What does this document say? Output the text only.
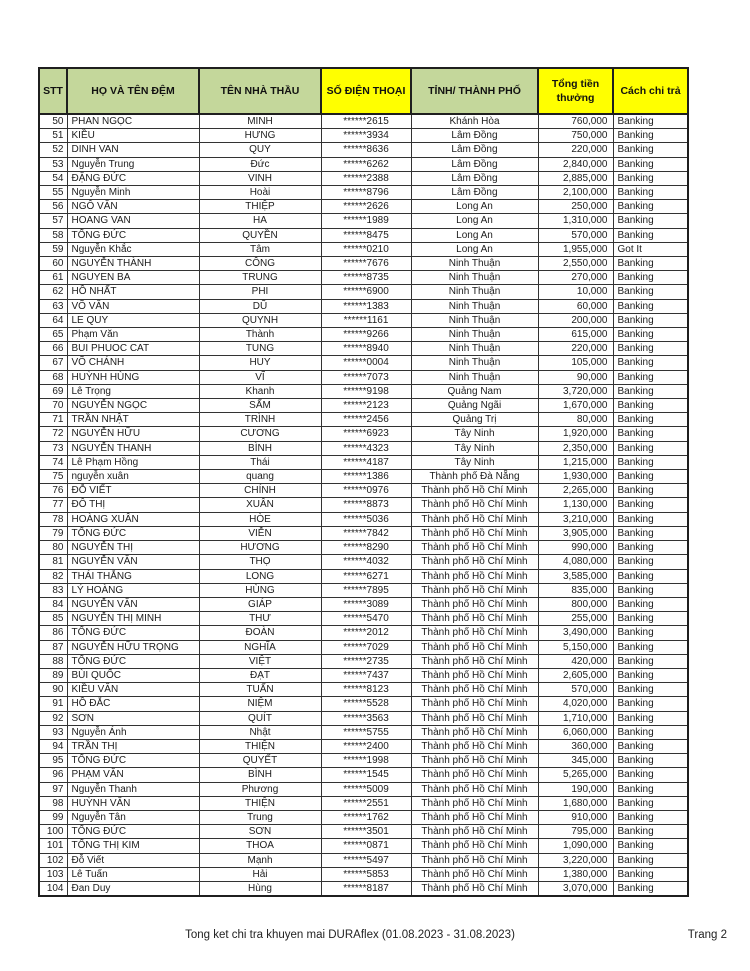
STT	HỌ VÀ TÊN ĐỆM	TÊN NHÀ THẦU	SỐ ĐIỆN THOẠI	TỈNH/ THÀNH PHỐ	Tổng tiền thưởng	Cách chi trả
50	PHAN NGỌC	MINH	******2615	Khánh Hòa	760,000	Banking
51	KIỀU	HƯNG	******3934	Lâm Đồng	750,000	Banking
52	DINH VAN	QUY	******8636	Lâm Đồng	220,000	Banking
53	Nguyễn Trung	Đức	******6262	Lâm Đồng	2,840,000	Banking
54	ĐẶNG ĐỨC	VINH	******2388	Lâm Đồng	2,885,000	Banking
55	Nguyễn Minh	Hoài	******8796	Lâm Đồng	2,100,000	Banking
56	NGÔ VĂN	THIỆP	******2626	Long An	250,000	Banking
57	HOANG VAN	HA	******1989	Long An	1,310,000	Banking
58	TỐNG ĐỨC	QUYỀN	******8475	Long An	570,000	Banking
59	Nguyễn Khắc	Tâm	******0210	Long An	1,955,000	Got It
60	NGUYỄN THÀNH	CÔNG	******7676	Ninh Thuận	2,550,000	Banking
61	NGUYEN BA	TRUNG	******8735	Ninh Thuận	270,000	Banking
62	HỒ NHẤT	PHI	******6900	Ninh Thuận	10,000	Banking
63	VÕ VĂN	DŨ	******1383	Ninh Thuận	60,000	Banking
64	LE QUY	QUYNH	******1161	Ninh Thuận	200,000	Banking
65	Phạm Văn	Thành	******9266	Ninh Thuận	615,000	Banking
66	BUI PHUOC CAT	TUNG	******8940	Ninh Thuận	220,000	Banking
67	VÕ CHÁNH	HUY	******0004	Ninh Thuận	105,000	Banking
68	HUỲNH HÙNG	VĨ	******7073	Ninh Thuận	90,000	Banking
69	Lê Trọng	Khanh	******9198	Quảng Nam	3,720,000	Banking
70	NGUYỄN NGỌC	SẤM	******2123	Quảng Ngãi	1,670,000	Banking
71	TRẦN NHẬT	TRÌNH	******2456	Quảng Trị	80,000	Banking
72	NGUYỄN HỮU	CƯƠNG	******6923	Tây Ninh	1,920,000	Banking
73	NGUYỄN THANH	BÌNH	******4323	Tây Ninh	2,350,000	Banking
74	Lê Phạm Hồng	Thái	******4187	Tây Ninh	1,215,000	Banking
75	nguyễn xuân	quang	******1386	Thành phố Đà Nẵng	1,930,000	Banking
76	ĐỖ VIẾT	CHÍNH	******0976	Thành phố Hồ Chí Minh	2,265,000	Banking
77	ĐÔ THỊ	XUÂN	******8873	Thành phố Hồ Chí Minh	1,130,000	Banking
78	HOÀNG XUÂN	HÒE	******5036	Thành phố Hồ Chí Minh	3,210,000	Banking
79	TỐNG ĐỨC	VIỄN	******7842	Thành phố Hồ Chí Minh	3,905,000	Banking
80	NGUYỄN THỊ	HƯƠNG	******8290	Thành phố Hồ Chí Minh	990,000	Banking
81	NGUYỄN VĂN	THỌ	******4032	Thành phố Hồ Chí Minh	4,080,000	Banking
82	THÁI THẮNG	LONG	******6271	Thành phố Hồ Chí Minh	3,585,000	Banking
83	LÝ HOÀNG	HÙNG	******7895	Thành phố Hồ Chí Minh	835,000	Banking
84	NGUYỄN VĂN	GIÁP	******3089	Thành phố Hồ Chí Minh	800,000	Banking
85	NGUYỄN THỊ MINH	THƯ	******5470	Thành phố Hồ Chí Minh	255,000	Banking
86	TỐNG ĐỨC	ĐOÀN	******2012	Thành phố Hồ Chí Minh	3,490,000	Banking
87	NGUYỄN HỮU TRỌNG	NGHĨA	******7029	Thành phố Hồ Chí Minh	5,150,000	Banking
88	TỐNG ĐỨC	VIỆT	******2735	Thành phố Hồ Chí Minh	420,000	Banking
89	BÙI QUỐC	ĐẠT	******7437	Thành phố Hồ Chí Minh	2,605,000	Banking
90	KIỀU VĂN	TUẤN	******8123	Thành phố Hồ Chí Minh	570,000	Banking
91	HỒ ĐẮC	NIỆM	******5528	Thành phố Hồ Chí Minh	4,020,000	Banking
92	SƠN	QUÍT	******3563	Thành phố Hồ Chí Minh	1,710,000	Banking
93	Nguyễn Ánh	Nhật	******5755	Thành phố Hồ Chí Minh	6,060,000	Banking
94	TRẦN THỊ	THIỆN	******2400	Thành phố Hồ Chí Minh	360,000	Banking
95	TỐNG ĐỨC	QUYẾT	******1998	Thành phố Hồ Chí Minh	345,000	Banking
96	PHẠM VĂN	BÌNH	******1545	Thành phố Hồ Chí Minh	5,265,000	Banking
97	Nguyễn Thanh	Phương	******5009	Thành phố Hồ Chí Minh	190,000	Banking
98	HUỲNH VĂN	THIỆN	******2551	Thành phố Hồ Chí Minh	1,680,000	Banking
99	Nguyễn Tân	Trung	******1762	Thành phố Hồ Chí Minh	910,000	Banking
100	TỐNG ĐỨC	SƠN	******3501	Thành phố Hồ Chí Minh	795,000	Banking
101	TỐNG THỊ KIM	THOA	******0871	Thành phố Hồ Chí Minh	1,090,000	Banking
102	Đỗ Viết	Mạnh	******5497	Thành phố Hồ Chí Minh	3,220,000	Banking
103	Lê Tuấn	Hải	******5853	Thành phố Hồ Chí Minh	1,380,000	Banking
104	Đan Duy	Hùng	******8187	Thành phố Hồ Chí Minh	3,070,000	Banking
Tong ket chi tra khuyen mai DURAflex (01.08.2023 - 31.08.2023)	Trang 2
